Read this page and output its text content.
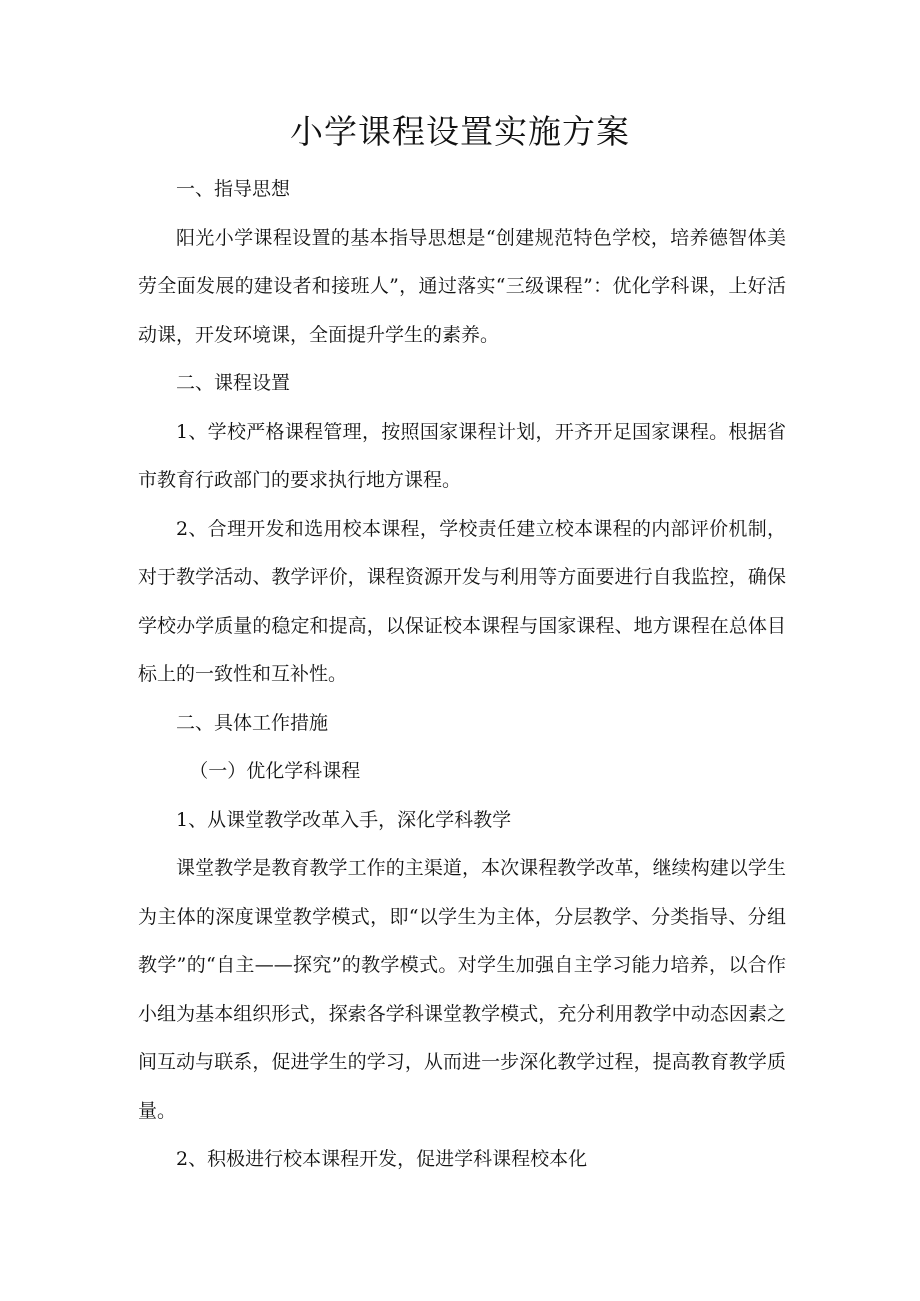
小学课程设置实施方案

一、指导思想

阳光小学课程设置的基本指导思想是“创建规范特色学校，培养德智体美劳全面发展的建设者和接班人”，通过落实“三级课程”：优化学科课，上好活动课，开发环境课，全面提升学生的素养。

二、课程设置

1、学校严格课程管理，按照国家课程计划，开齐开足国家课程。根据省市教育行政部门的要求执行地方课程。

2、合理开发和选用校本课程，学校责任建立校本课程的内部评价机制，对于教学活动、教学评价，课程资源开发与利用等方面要进行自我监控，确保学校办学质量的稳定和提高，以保证校本课程与国家课程、地方课程在总体目标上的一致性和互补性。

二、具体工作措施

（一）优化学科课程

1、从课堂教学改革入手，深化学科教学

课堂教学是教育教学工作的主渠道，本次课程教学改革，继续构建以学生为主体的深度课堂教学模式，即“以学生为主体，分层教学、分类指导、分组教学”的“自主——探究”的教学模式。对学生加强自主学习能力培养，以合作小组为基本组织形式，探索各学科课堂教学模式，充分利用教学中动态因素之间互动与联系，促进学生的学习，从而进一步深化教学过程，提高教育教学质量。

2、积极进行校本课程开发，促进学科课程校本化
